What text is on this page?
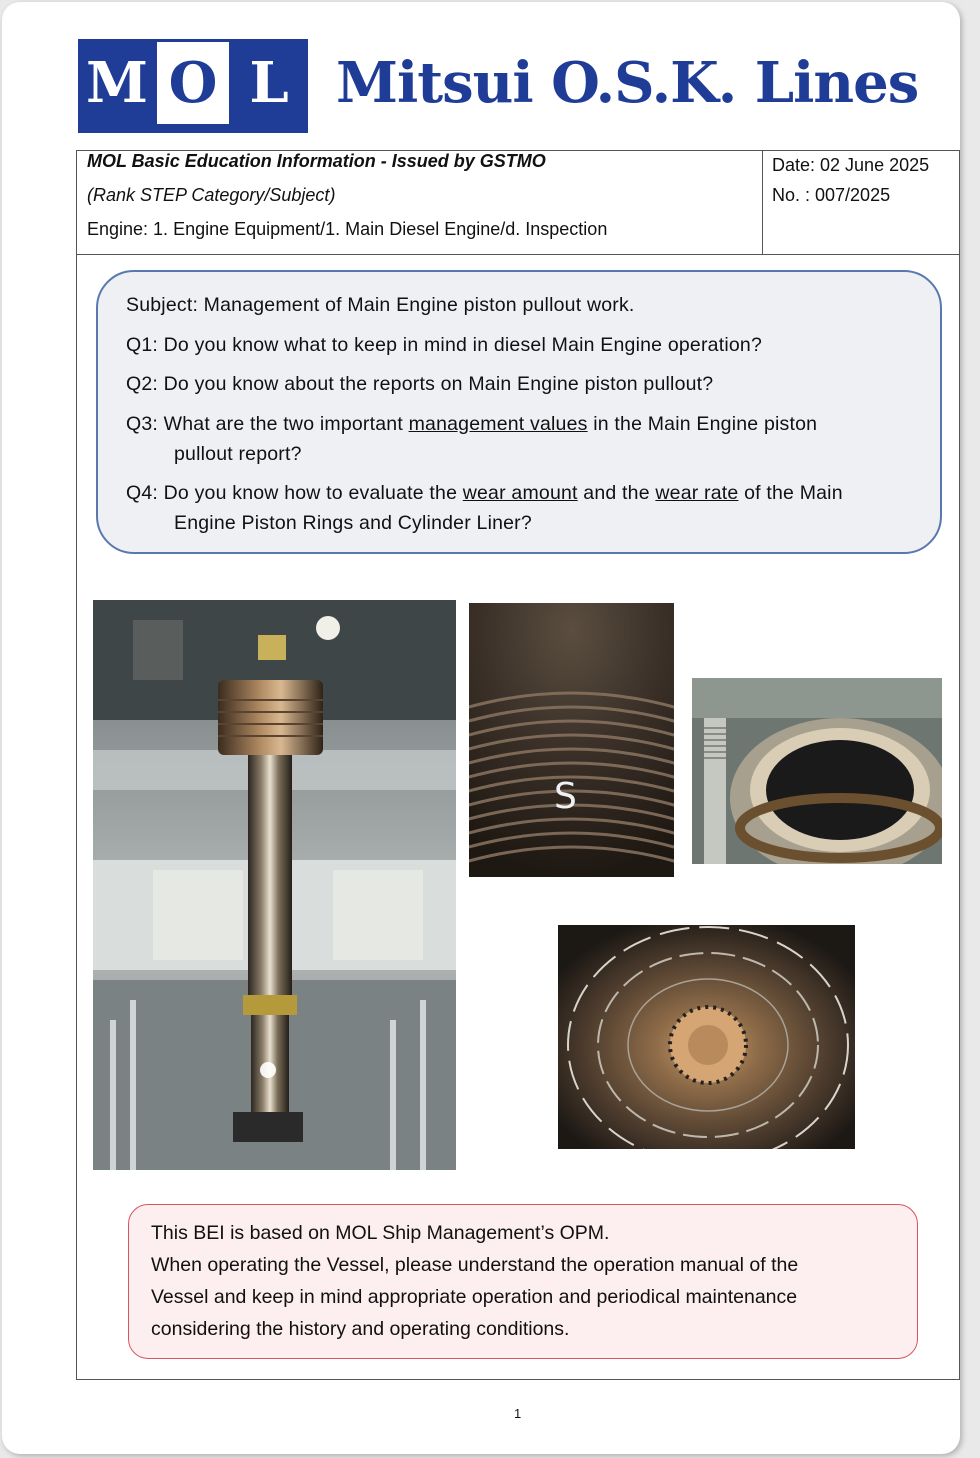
M O L Mitsui O.S.K. Lines
MOL Basic Education Information - Issued by GSTMO
(Rank STEP Category/Subject)
Engine: 1. Engine Equipment/1. Main Diesel Engine/d. Inspection
Date: 02 June 2025
No. : 007/2025
Subject: Management of Main Engine piston pullout work.
Q1: Do you know what to keep in mind in diesel Main Engine operation?
Q2: Do you know about the reports on Main Engine piston pullout?
Q3: What are the two important management values in the Main Engine piston
pullout report?
Q4: Do you know how to evaluate the wear amount and the wear rate of the Main
Engine Piston Rings and Cylinder Liner?
S
This BEI is based on MOL Ship Management’s OPM.
When operating the Vessel, please understand the operation manual of the
Vessel and keep in mind appropriate operation and periodical maintenance
considering the history and operating conditions.
1
